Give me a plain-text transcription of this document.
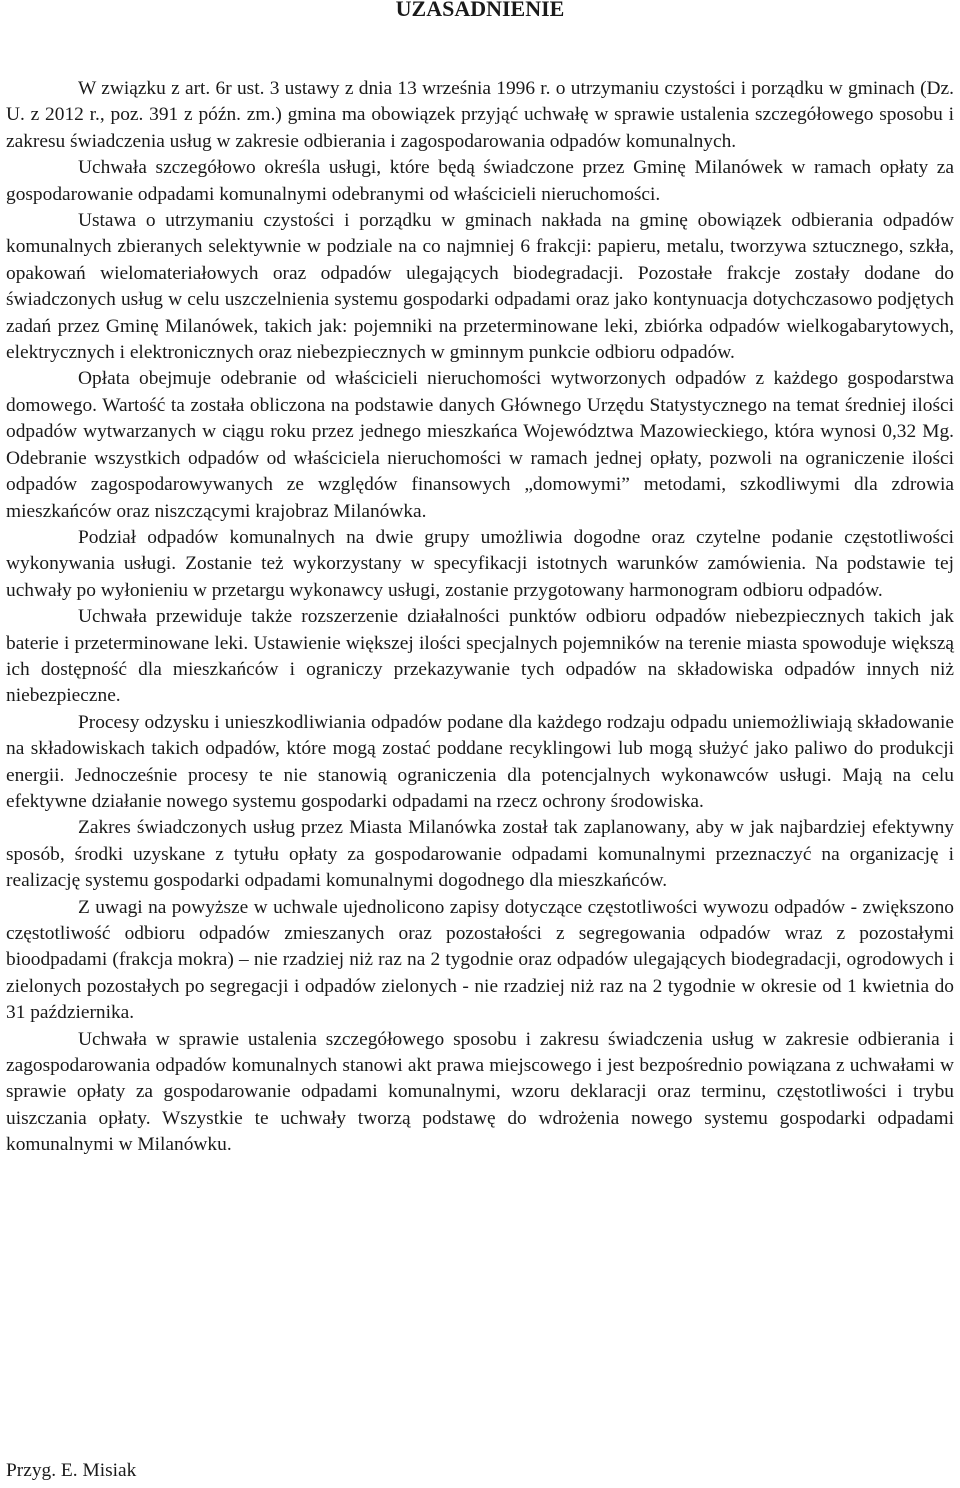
UZASADNIENIE

W związku z art. 6r ust. 3 ustawy z dnia 13 września 1996 r. o utrzymaniu czystości i porządku w gminach (Dz. U. z 2012 r., poz. 391 z późn. zm.) gmina ma obowiązek przyjąć uchwałę w sprawie ustalenia szczegółowego sposobu i zakresu świadczenia usług w zakresie odbierania i zagospodarowania odpadów komunalnych.

Uchwała szczegółowo określa usługi, które będą świadczone przez Gminę Milanówek w ramach opłaty za gospodarowanie odpadami komunalnymi odebranymi od właścicieli nieruchomości.

Ustawa o utrzymaniu czystości i porządku w gminach nakłada na gminę obowiązek odbierania odpadów komunalnych zbieranych selektywnie w podziale na co najmniej 6 frakcji: papieru, metalu, tworzywa sztucznego, szkła, opakowań wielomateriałowych oraz odpadów ulegających biodegradacji. Pozostałe frakcje zostały dodane do świadczonych usług w celu uszczelnienia systemu gospodarki odpadami oraz jako kontynuacja dotychczasowo podjętych zadań przez Gminę Milanówek, takich jak: pojemniki na przeterminowane leki, zbiórka odpadów wielkogabarytowych, elektrycznych i elektronicznych oraz niebezpiecznych w gminnym punkcie odbioru odpadów.

Opłata obejmuje odebranie od właścicieli nieruchomości wytworzonych odpadów z każdego gospodarstwa domowego. Wartość ta została obliczona na podstawie danych Głównego Urzędu Statystycznego na temat średniej ilości odpadów wytwarzanych w ciągu roku przez jednego mieszkańca Województwa Mazowieckiego, która wynosi 0,32 Mg. Odebranie wszystkich odpadów od właściciela nieruchomości w ramach jednej opłaty, pozwoli na ograniczenie ilości odpadów zagospodarowywanych ze względów finansowych „domowymi” metodami, szkodliwymi dla zdrowia mieszkańców oraz niszczącymi krajobraz Milanówka.

Podział odpadów komunalnych na dwie grupy umożliwia dogodne oraz czytelne podanie częstotliwości wykonywania usługi. Zostanie też wykorzystany w specyfikacji istotnych warunków zamówienia. Na podstawie tej uchwały po wyłonieniu w przetargu wykonawcy usługi, zostanie przygotowany harmonogram odbioru odpadów.

Uchwała przewiduje także rozszerzenie działalności punktów odbioru odpadów niebezpiecznych takich jak baterie i przeterminowane leki. Ustawienie większej ilości specjalnych pojemników na terenie miasta spowoduje większą ich dostępność dla mieszkańców i ograniczy przekazywanie tych odpadów na składowiska odpadów innych niż niebezpieczne.

Procesy odzysku i unieszkodliwiania odpadów podane dla każdego rodzaju odpadu uniemożliwiają składowanie na składowiskach takich odpadów, które mogą zostać poddane recyklingowi lub mogą służyć jako paliwo do produkcji energii. Jednocześnie procesy te nie stanowią ograniczenia dla potencjalnych wykonawców usługi. Mają na celu efektywne działanie nowego systemu gospodarki odpadami na rzecz ochrony środowiska.

Zakres świadczonych usług przez Miasta Milanówka został tak zaplanowany, aby w jak najbardziej efektywny sposób, środki uzyskane z tytułu opłaty za gospodarowanie odpadami komunalnymi przeznaczyć na organizację i realizację systemu gospodarki odpadami komunalnymi dogodnego dla mieszkańców.

Z uwagi na powyższe w uchwale ujednolicono zapisy dotyczące częstotliwości wywozu odpadów - zwiększono częstotliwość odbioru odpadów zmieszanych oraz pozostałości z segregowania odpadów wraz z pozostałymi bioodpadami (frakcja mokra) – nie rzadziej niż raz na 2 tygodnie oraz odpadów ulegających biodegradacji, ogrodowych i zielonych pozostałych po segregacji i odpadów zielonych - nie rzadziej niż raz na 2 tygodnie w okresie od 1 kwietnia do 31 października.

Uchwała w sprawie ustalenia szczegółowego sposobu i zakresu świadczenia usług w zakresie odbierania i zagospodarowania odpadów komunalnych stanowi akt prawa miejscowego i jest bezpośrednio powiązana z uchwałami w sprawie opłaty za gospodarowanie odpadami komunalnymi, wzoru deklaracji oraz terminu, częstotliwości i trybu uiszczania opłaty. Wszystkie te uchwały tworzą podstawę do wdrożenia nowego systemu gospodarki odpadami komunalnymi w Milanówku.

Przyg. E. Misiak
